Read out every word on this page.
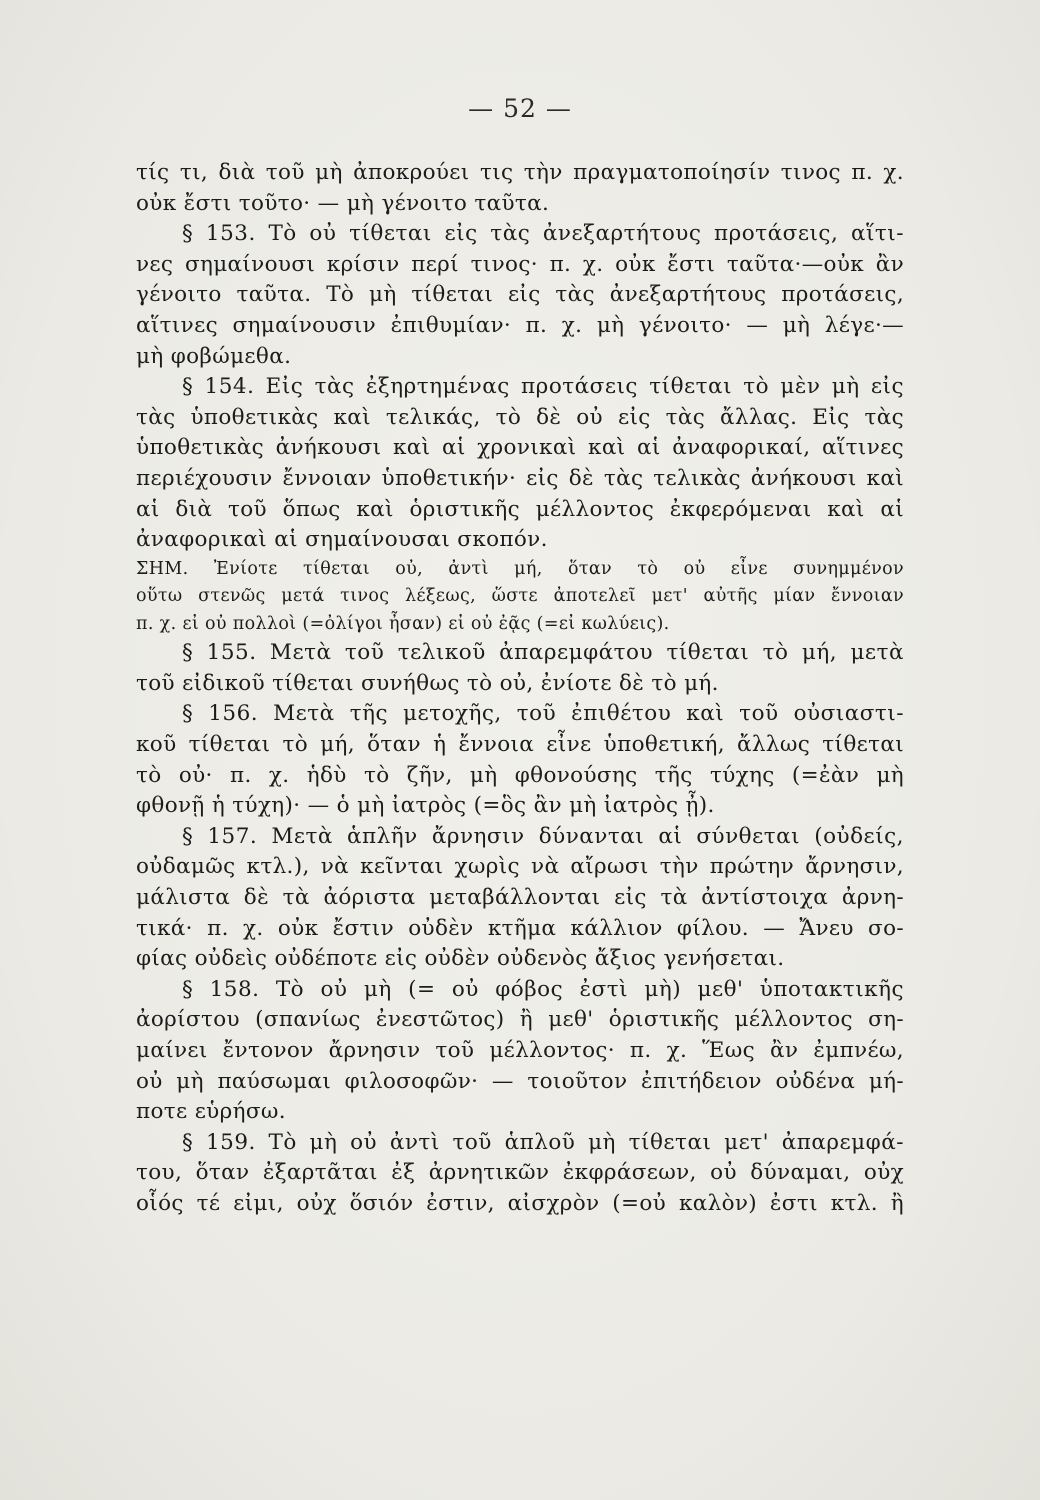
— 52 —
τίς τι, διὰ τοῦ μὴ ἀποκρούει τις τὴν πραγματοποίησίν τινος π. χ.
οὐκ ἔστι τοῦτο· — μὴ γένοιτο ταῦτα.
§ 153. Τὸ οὐ τίθεται εἰς τὰς ἀνεξαρτήτους προτάσεις, αἵτι-
νες σημαίνουσι κρίσιν περί τινος· π. χ. οὐκ ἔστι ταῦτα·—οὐκ ἂν
γένοιτο ταῦτα. Τὸ μὴ τίθεται εἰς τὰς ἀνεξαρτήτους προτάσεις,
αἵτινες σημαίνουσιν ἐπιθυμίαν· π. χ. μὴ γένοιτο· — μὴ λέγε·—
μὴ φοβώμεθα.
§ 154. Εἰς τὰς ἐξηρτημένας προτάσεις τίθεται τὸ μὲν μὴ εἰς
τὰς ὑποθετικὰς καὶ τελικάς, τὸ δὲ οὐ εἰς τὰς ἄλλας. Εἰς τὰς
ὑποθετικὰς ἀνήκουσι καὶ αἱ χρονικαὶ καὶ αἱ ἀναφορικαί, αἵτινες
περιέχουσιν ἔννοιαν ὑποθετικήν· εἰς δὲ τὰς τελικὰς ἀνήκουσι καὶ
αἱ διὰ τοῦ ὅπως καὶ ὁριστικῆς μέλλοντος ἐκφερόμεναι καὶ αἱ
ἀναφορικαὶ αἱ σημαίνουσαι σκοπόν.
ΣΗΜ. Ἐνίοτε τίθεται οὐ, ἀντὶ μή, ὅταν τὸ οὐ εἶνε συνημμένον
οὕτω στενῶς μετά τινος λέξεως, ὥστε ἀποτελεῖ μετ' αὐτῆς μίαν ἔννοιαν
π. χ. εἰ οὐ πολλοὶ (=ὀλίγοι ἦσαν) εἰ οὐ ἐᾷς (=εἰ κωλύεις).
§ 155. Μετὰ τοῦ τελικοῦ ἀπαρεμφάτου τίθεται τὸ μή, μετὰ
τοῦ εἰδικοῦ τίθεται συνήθως τὸ οὐ, ἐνίοτε δὲ τὸ μή.
§ 156. Μετὰ τῆς μετοχῆς, τοῦ ἐπιθέτου καὶ τοῦ οὐσιαστι-
κοῦ τίθεται τὸ μή, ὅταν ἡ ἔννοια εἶνε ὑποθετική, ἄλλως τίθεται
τὸ οὐ· π. χ. ἡδὺ τὸ ζῆν, μὴ φθονούσης τῆς τύχης (=ἐὰν μὴ
φθονῇ ἡ τύχη)· — ὁ μὴ ἰατρὸς (=ὃς ἂν μὴ ἰατρὸς ᾖ).
§ 157. Μετὰ ἁπλῆν ἄρνησιν δύνανται αἱ σύνθεται (οὐδείς,
οὐδαμῶς κτλ.), νὰ κεῖνται χωρὶς νὰ αἴρωσι τὴν πρώτην ἄρνησιν,
μάλιστα δὲ τὰ ἀόριστα μεταβάλλονται εἰς τὰ ἀντίστοιχα ἀρνη-
τικά· π. χ. οὐκ ἔστιν οὐδὲν κτῆμα κάλλιον φίλου. — Ἄνευ σο-
φίας οὐδεὶς οὐδέποτε εἰς οὐδὲν οὐδενὸς ἄξιος γενήσεται.
§ 158. Τὸ οὐ μὴ (= οὐ φόβος ἐστὶ μὴ) μεθ' ὑποτακτικῆς
ἀορίστου (σπανίως ἐνεστῶτος) ἢ μεθ' ὁριστικῆς μέλλοντος ση-
μαίνει ἔντονον ἄρνησιν τοῦ μέλλοντος· π. χ. Ἕως ἂν ἐμπνέω,
οὐ μὴ παύσωμαι φιλοσοφῶν· — τοιοῦτον ἐπιτήδειον οὐδένα μή-
ποτε εὑρήσω.
§ 159. Τὸ μὴ οὐ ἀντὶ τοῦ ἁπλοῦ μὴ τίθεται μετ' ἀπαρεμφά-
του, ὅταν ἐξαρτᾶται ἐξ ἀρνητικῶν ἐκφράσεων, οὐ δύναμαι, οὐχ
οἷός τέ εἰμι, οὐχ ὅσιόν ἐστιν, αἰσχρὸν (=οὐ καλὸν) ἐστι κτλ. ἢ
